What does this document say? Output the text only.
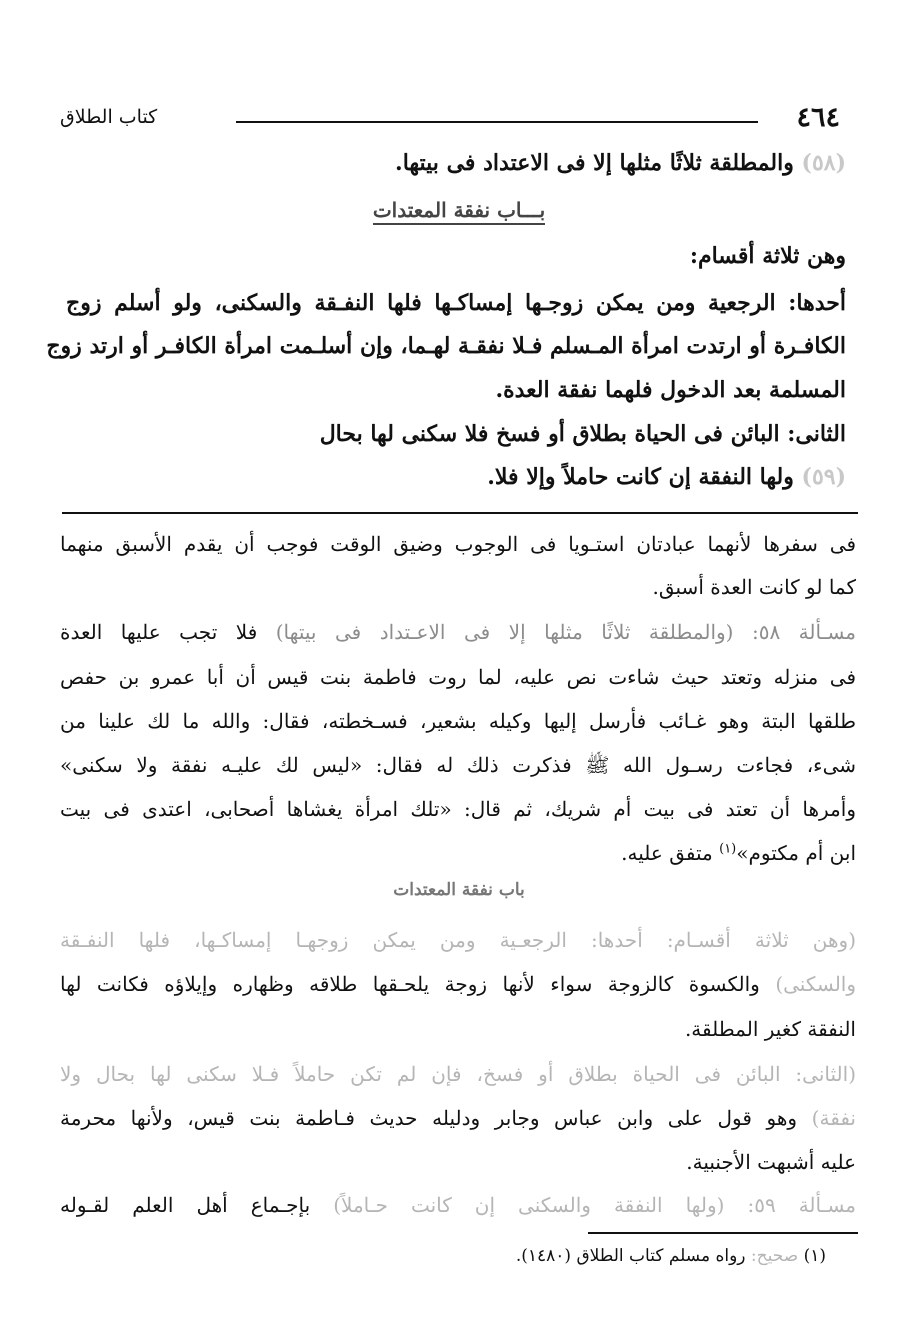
كتاب الطلاق	٤٦٤
(٥٨) والمطلقة ثلاثًا مثلها إلا فى الاعتداد فى بيتها.
بـــاب نفقة المعتدات
وهن ثلاثة أقسام:
أحدها: الرجعية ومن يمكن زوجـها إمساكـها فلها النفـقة والسكنى، ولو أسلم زوج
الكافـرة أو ارتدت امرأة المـسلم فـلا نفقـة لهـما، وإن أسلـمت امرأة الكافـر أو ارتد زوج
المسلمة بعد الدخول فلهما نفقة العدة.
الثانى: البائن فى الحياة بطلاق أو فسخ فلا سكنى لها بحال
(٥٩) ولها النفقة إن كانت حاملاً وإلا فلا.
فى سفرها لأنهما عبادتان استـويا فى الوجوب وضيق الوقت فوجب أن يقدم الأسبق منهما
كما لو كانت العدة أسبق.
مسـألة ٥٨: (والمطلقة ثلاثًا مثلها إلا فى الاعـتداد فى بيتها) فلا تجب عليها العدة
فى منزله وتعتد حيث شاءت نص عليه، لما روت فاطمة بنت قيس أن أبا عمرو بن حفص
طلقها البتة وهو غـائب فأرسل إليها وكيله بشعير، فسـخطته، فقال: والله ما لك علينا من
شىء، فجاءت رسـول الله ﷺ فذكرت ذلك له فقال: «ليس لك عليـه نفقة ولا سكنى»
وأمرها أن تعتد فى بيت أم شريك، ثم قال: «تلك امرأة يغشاها أصحابى، اعتدى فى بيت
ابن أم مكتوم»$^{(١)}$ متفق عليه.
باب نفقة المعتدات
(وهن ثلاثة أقسـام: أحدها: الرجعـية ومن يمكن زوجهـا إمساكـها، فلها النفـقة
والسكنى) والكسوة كالزوجة سواء لأنها زوجة يلحـقها طلاقه وظهاره وإيلاؤه فكانت لها
النفقة كغير المطلقة.
(الثانى: البائن فى الحياة بطلاق أو فسخ، فإن لم تكن حاملاً فـلا سكنى لها بحال ولا
نفقة) وهو قول على وابن عباس وجابر ودليله حديث فـاطمة بنت قيس، ولأنها محرمة
عليه أشبهت الأجنبية.
مسـألة ٥٩: (ولها النفقة والسكنى إن كانت حـاملاً) بإجـماع أهل العلم لقـوله
(١) صحيح: رواه مسلم كتاب الطلاق (١٤٨٠).
